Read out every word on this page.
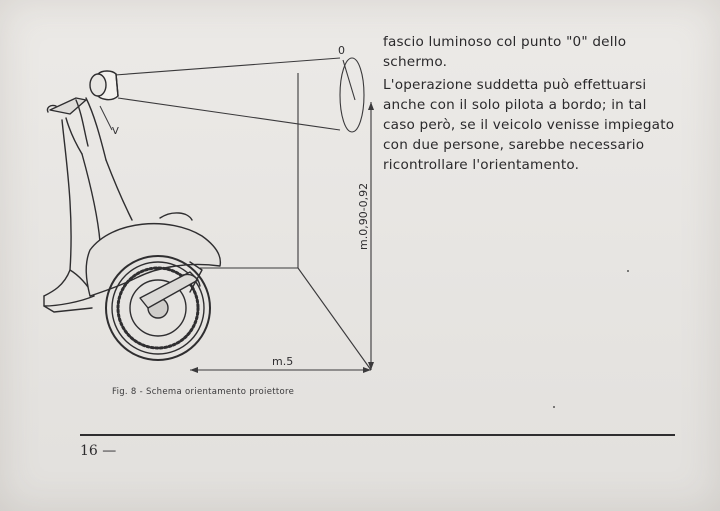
0
V
m.5
m.0,90-0,92
Fig. 8 - Schema orientamento proiettore

fascio luminoso col punto "0" dello schermo.

L'operazione suddetta può effettuarsi anche con il solo pilota a bordo; in tal caso però, se il veicolo venisse impiegato con due persone, sarebbe necessario ricontrollare l'orientamento.

16 —
